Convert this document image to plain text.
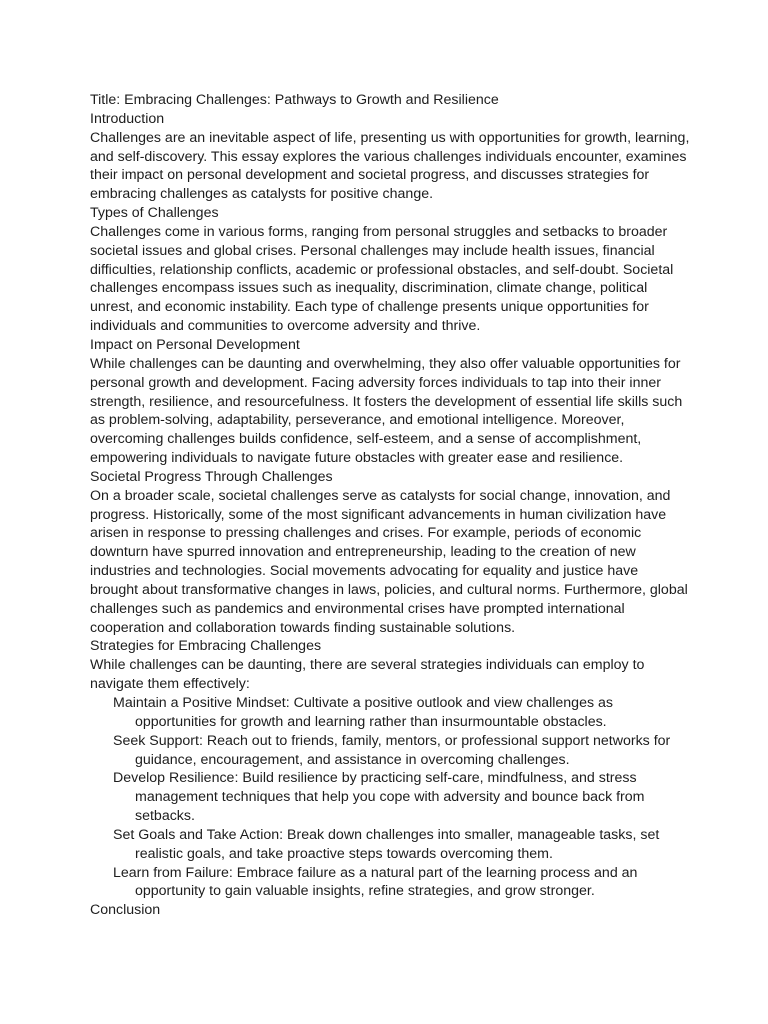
Title: Embracing Challenges: Pathways to Growth and Resilience

Introduction

Challenges are an inevitable aspect of life, presenting us with opportunities for growth, learning, and self-discovery. This essay explores the various challenges individuals encounter, examines their impact on personal development and societal progress, and discusses strategies for embracing challenges as catalysts for positive change.

Types of Challenges

Challenges come in various forms, ranging from personal struggles and setbacks to broader societal issues and global crises. Personal challenges may include health issues, financial difficulties, relationship conflicts, academic or professional obstacles, and self-doubt. Societal challenges encompass issues such as inequality, discrimination, climate change, political unrest, and economic instability. Each type of challenge presents unique opportunities for individuals and communities to overcome adversity and thrive.

Impact on Personal Development

While challenges can be daunting and overwhelming, they also offer valuable opportunities for personal growth and development. Facing adversity forces individuals to tap into their inner strength, resilience, and resourcefulness. It fosters the development of essential life skills such as problem-solving, adaptability, perseverance, and emotional intelligence. Moreover, overcoming challenges builds confidence, self-esteem, and a sense of accomplishment, empowering individuals to navigate future obstacles with greater ease and resilience.

Societal Progress Through Challenges

On a broader scale, societal challenges serve as catalysts for social change, innovation, and progress. Historically, some of the most significant advancements in human civilization have arisen in response to pressing challenges and crises. For example, periods of economic downturn have spurred innovation and entrepreneurship, leading to the creation of new industries and technologies. Social movements advocating for equality and justice have brought about transformative changes in laws, policies, and cultural norms. Furthermore, global challenges such as pandemics and environmental crises have prompted international cooperation and collaboration towards finding sustainable solutions.

Strategies for Embracing Challenges

While challenges can be daunting, there are several strategies individuals can employ to navigate them effectively:

Maintain a Positive Mindset: Cultivate a positive outlook and view challenges as opportunities for growth and learning rather than insurmountable obstacles.
Seek Support: Reach out to friends, family, mentors, or professional support networks for guidance, encouragement, and assistance in overcoming challenges.
Develop Resilience: Build resilience by practicing self-care, mindfulness, and stress management techniques that help you cope with adversity and bounce back from setbacks.
Set Goals and Take Action: Break down challenges into smaller, manageable tasks, set realistic goals, and take proactive steps towards overcoming them.
Learn from Failure: Embrace failure as a natural part of the learning process and an opportunity to gain valuable insights, refine strategies, and grow stronger.

Conclusion
